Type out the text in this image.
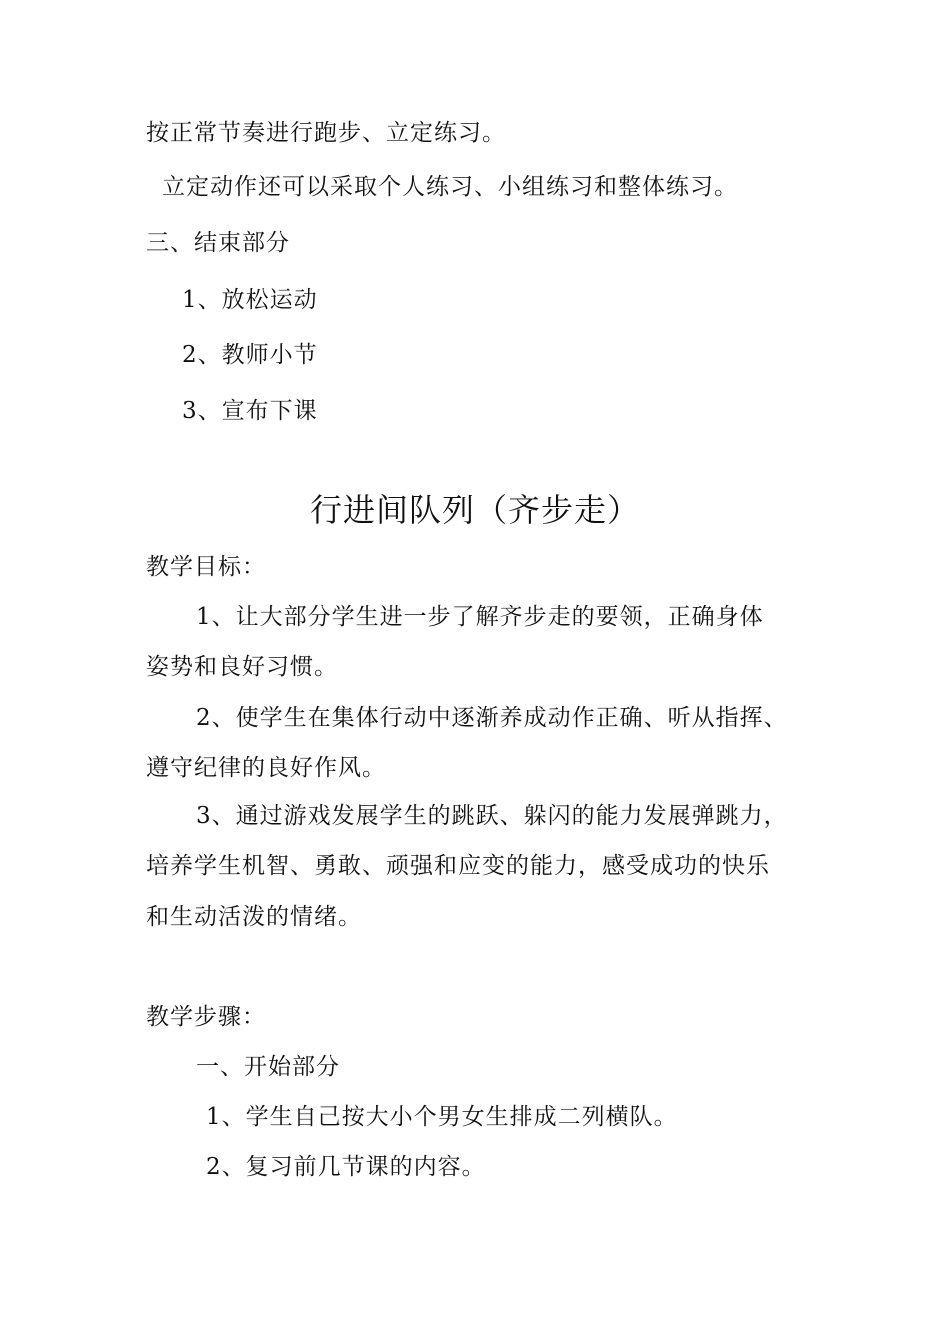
按正常节奏进行跑步、立定练习。
立定动作还可以采取个人练习、小组练习和整体练习。
三、结束部分
1、放松运动
2、教师小节
3、宣布下课
行进间队列（齐步走）
教学目标：
1、让大部分学生进一步了解齐步走的要领，正确身体
姿势和良好习惯。
2、使学生在集体行动中逐渐养成动作正确、听从指挥、
遵守纪律的良好作风。
3、通过游戏发展学生的跳跃、躲闪的能力发展弹跳力，
培养学生机智、勇敢、顽强和应变的能力，感受成功的快乐
和生动活泼的情绪。
教学步骤：
一、开始部分
1、学生自己按大小个男女生排成二列横队。
2、复习前几节课的内容。
